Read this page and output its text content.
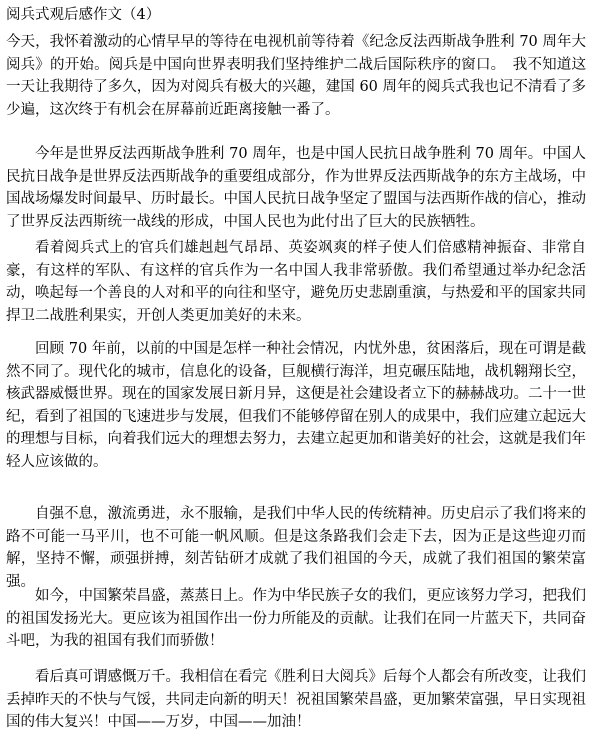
阅兵式观后感作文（4）

今天，我怀着激动的心情早早的等待在电视机前等待着《纪念反法西斯战争胜利 70 周年大阅兵》的开始。阅兵是中国向世界表明我们坚持维护二战后国际秩序的窗口。　我不知道这一天让我期待了多久，因为对阅兵有极大的兴趣，建国 60 周年的阅兵式我也记不清看了多少遍，这次终于有机会在屏幕前近距离接触一番了。

今年是世界反法西斯战争胜利 70 周年，也是中国人民抗日战争胜利 70 周年。中国人民抗日战争是世界反法西斯战争的重要组成部分，作为世界反法西斯战争的东方主战场，中国战场爆发时间最早、历时最长。中国人民抗日战争坚定了盟国与法西斯作战的信心，推动了世界反法西斯统一战线的形成，中国人民也为此付出了巨大的民族牺牲。

看着阅兵式上的官兵们雄赳赳气昂昂、英姿飒爽的样子使人们倍感精神振奋、非常自豪，有这样的军队、有这样的官兵作为一名中国人我非常骄傲。我们希望通过举办纪念活动，唤起每一个善良的人对和平的向往和坚守，避免历史悲剧重演，与热爱和平的国家共同捍卫二战胜利果实，开创人类更加美好的未来。

回顾 70 年前，以前的中国是怎样一种社会情况，内忧外患，贫困落后，现在可谓是截然不同了。现代化的城市，信息化的设备，巨舰横行海洋，坦克碾压陆地，战机翱翔长空，核武器威慑世界。现在的国家发展日新月异，这便是社会建设者立下的赫赫战功。二十一世纪，看到了祖国的飞速进步与发展，但我们不能够停留在别人的成果中，我们应建立起远大的理想与目标，向着我们远大的理想去努力，去建立起更加和谐美好的社会，这就是我们年轻人应该做的。

自强不息，激流勇进，永不服输，是我们中华人民的传统精神。历史启示了我们将来的路不可能一马平川，也不可能一帆风顺。但是这条路我们会走下去，因为正是这些迎刃而解，坚持不懈，顽强拼搏，刻苦钻研才成就了我们祖国的今天，成就了我们祖国的繁荣富强。

如今，中国繁荣昌盛，蒸蒸日上。作为中华民族子女的我们，更应该努力学习，把我们的祖国发扬光大。更应该为祖国作出一份力所能及的贡献。让我们在同一片蓝天下，共同奋斗吧，为我的祖国有我们而骄傲！

看后真可谓感慨万千。我相信在看完《胜利日大阅兵》后每个人都会有所改变，让我们丢掉昨天的不快与气馁，共同走向新的明天！祝祖国繁荣昌盛，更加繁荣富强，早日实现祖国的伟大复兴！中国——万岁，中国——加油！
